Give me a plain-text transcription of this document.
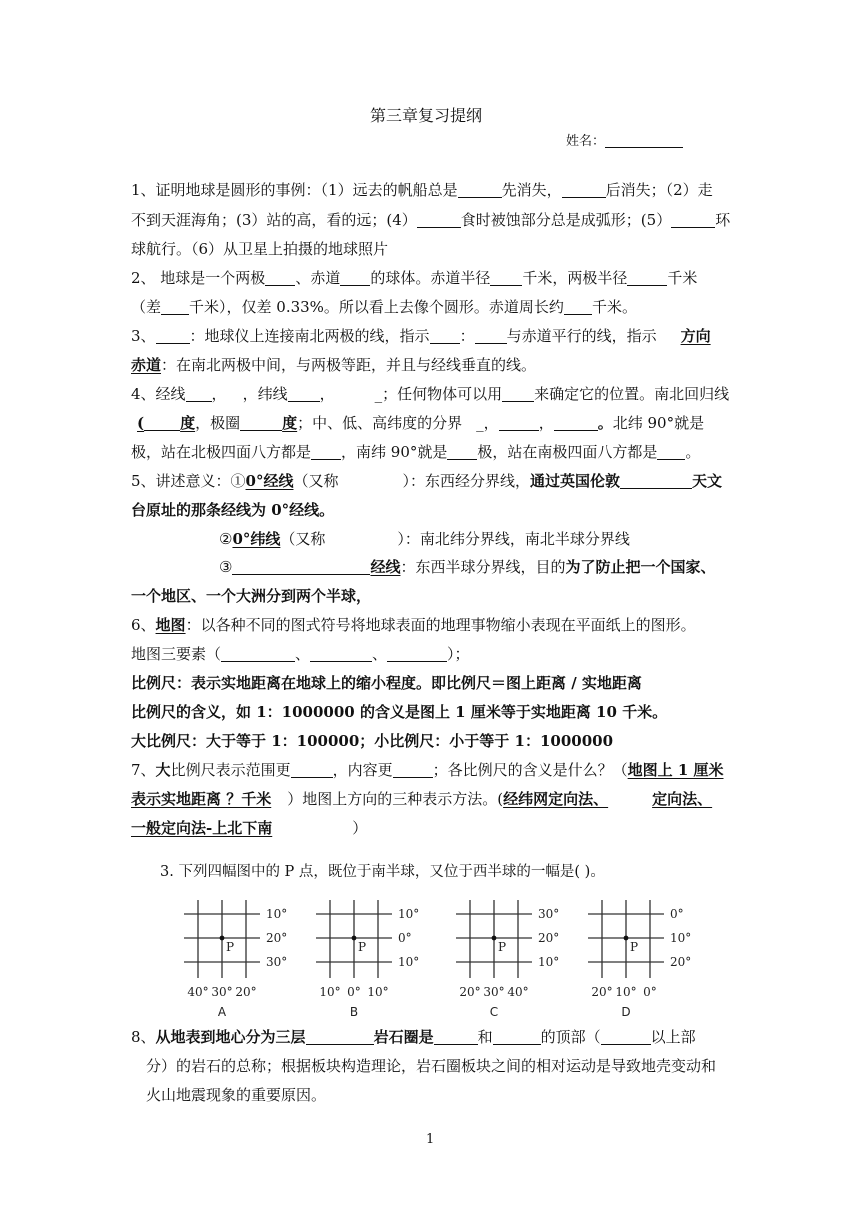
第三章复习提纲
姓名：
1、证明地球是圆形的事例：（1）远去的帆船总是	先消失，	后消失；（2）走
不到天涯海角；(3）站的高，看的远；(4）	食时被蚀部分总是成弧形；(5）	环
球航行。（6）从卫星上拍摄的地球照片
2、 地球是一个两极 、赤道 的球体。赤道半径 千米，两极半径	千米
（差 千米），仅差 0.33%。所以看上去像个圆形。赤道周长约 千米。
3、 ：地球仪上连接南北两极的线，指示 ： 与赤道平行的线，指示 方向
赤道：在南北两极中间，与两极等距，并且与经线垂直的线。
4、经线 ， ，纬线 ，	_；任何物体可以用 来确定它的位置。南北回归线
( 度，极圈	度；中、低、高纬度的分界 _，	，	。北纬 90°就是
极，站在北极四面八方都是 ，南纬 90°就是 极，站在南极四面八方都是 。
5、讲述意义：①0°经线（又称	）：东西经分界线，通过英国伦敦	天文
台原址的那条经线为 0°经线。
②0°纬线（又称	）：南北纬分界线，南北半球分界线
③	经线：东西半球分界线，目的为了防止把一个国家、
一个地区、一个大洲分到两个半球，
6、地图：以各种不同的图式符号将地球表面的地理事物缩小表现在平面纸上的图形。
地图三要素（	、	、	）；
比例尺：表示实地距离在地球上的缩小程度。即比例尺＝图上距离 / 实地距离
比例尺的含义，如 1：1000000 的含义是图上 1 厘米等于实地距离 10 千米。
大比例尺：大于等于 1：100000；小比例尺：小于等于 1：1000000
7、大比例尺表示范围更	，内容更	；各比例尺的含义是什么？（地图上 1 厘米
表示实地距离 ？千米 ）地图上方向的三种表示方法。(经纬网定向法、	定向法、
一般定向法-上北下南	）
3. 下列四幅图中的 P 点，既位于南半球，又位于西半球的一幅是( )。
P
10°
20°
30°
40° 30° 20°
A
P
10°
0°
10°
10° 0° 10°
B
P
30°
20°
10°
20° 30° 40°
C
P
0°
10°
20°
20° 10° 0°
D
8、从地表到地心分为三层	岩石圈是	和	的顶部（	以上部
分）的岩石的总称；根据板块构造理论，岩石圈板块之间的相对运动是导致地壳变动和
火山地震现象的重要原因。
1
